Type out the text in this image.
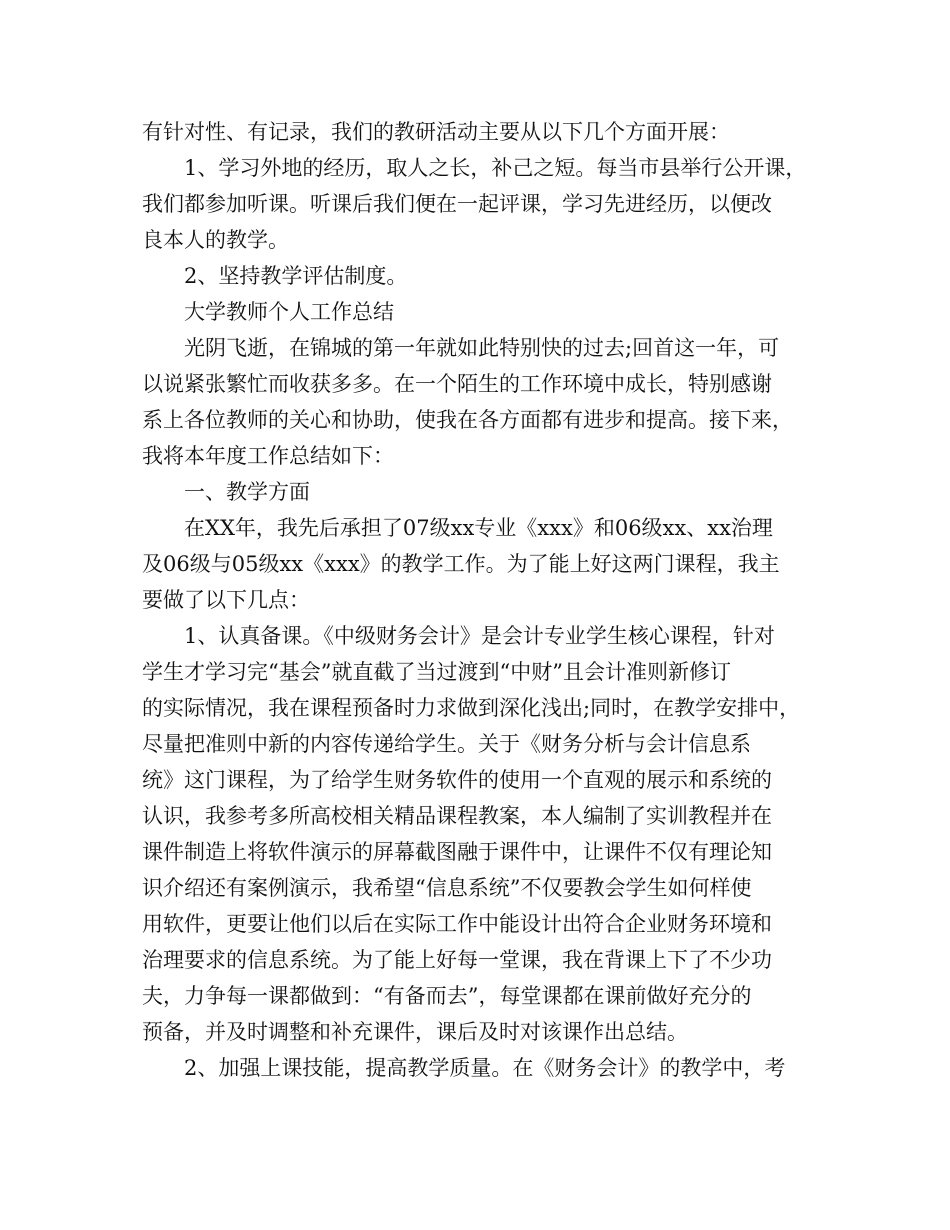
有针对性、有记录，我们的教研活动主要从以下几个方面开展：

1、学习外地的经历，取人之长，补己之短。每当市县举行公开课，
我们都参加听课。听课后我们便在一起评课，学习先进经历，以便改
良本人的教学。

2、坚持教学评估制度。

大学教师个人工作总结

光阴飞逝，在锦城的第一年就如此特别快的过去;回首这一年，可
以说紧张繁忙而收获多多。在一个陌生的工作环境中成长，特别感谢
系上各位教师的关心和协助，使我在各方面都有进步和提高。接下来，
我将本年度工作总结如下：

一、教学方面

在XX年，我先后承担了07级xx专业《xxx》和06级xx、xx治理
及06级与05级xx《xxx》的教学工作。为了能上好这两门课程，我主
要做了以下几点：

1、认真备课。《中级财务会计》是会计专业学生核心课程，针对
学生才学习完“基会”就直截了当过渡到“中财”且会计准则新修订
的实际情况，我在课程预备时力求做到深化浅出;同时，在教学安排中，
尽量把准则中新的内容传递给学生。关于《财务分析与会计信息系
统》这门课程，为了给学生财务软件的使用一个直观的展示和系统的
认识，我参考多所高校相关精品课程教案，本人编制了实训教程并在
课件制造上将软件演示的屏幕截图融于课件中，让课件不仅有理论知
识介绍还有案例演示，我希望“信息系统”不仅要教会学生如何样使
用软件，更要让他们以后在实际工作中能设计出符合企业财务环境和
治理要求的信息系统。为了能上好每一堂课，我在背课上下了不少功
夫，力争每一课都做到：“有备而去”，每堂课都在课前做好充分的
预备，并及时调整和补充课件，课后及时对该课作出总结。

2、加强上课技能，提高教学质量。在《财务会计》的教学中，考
